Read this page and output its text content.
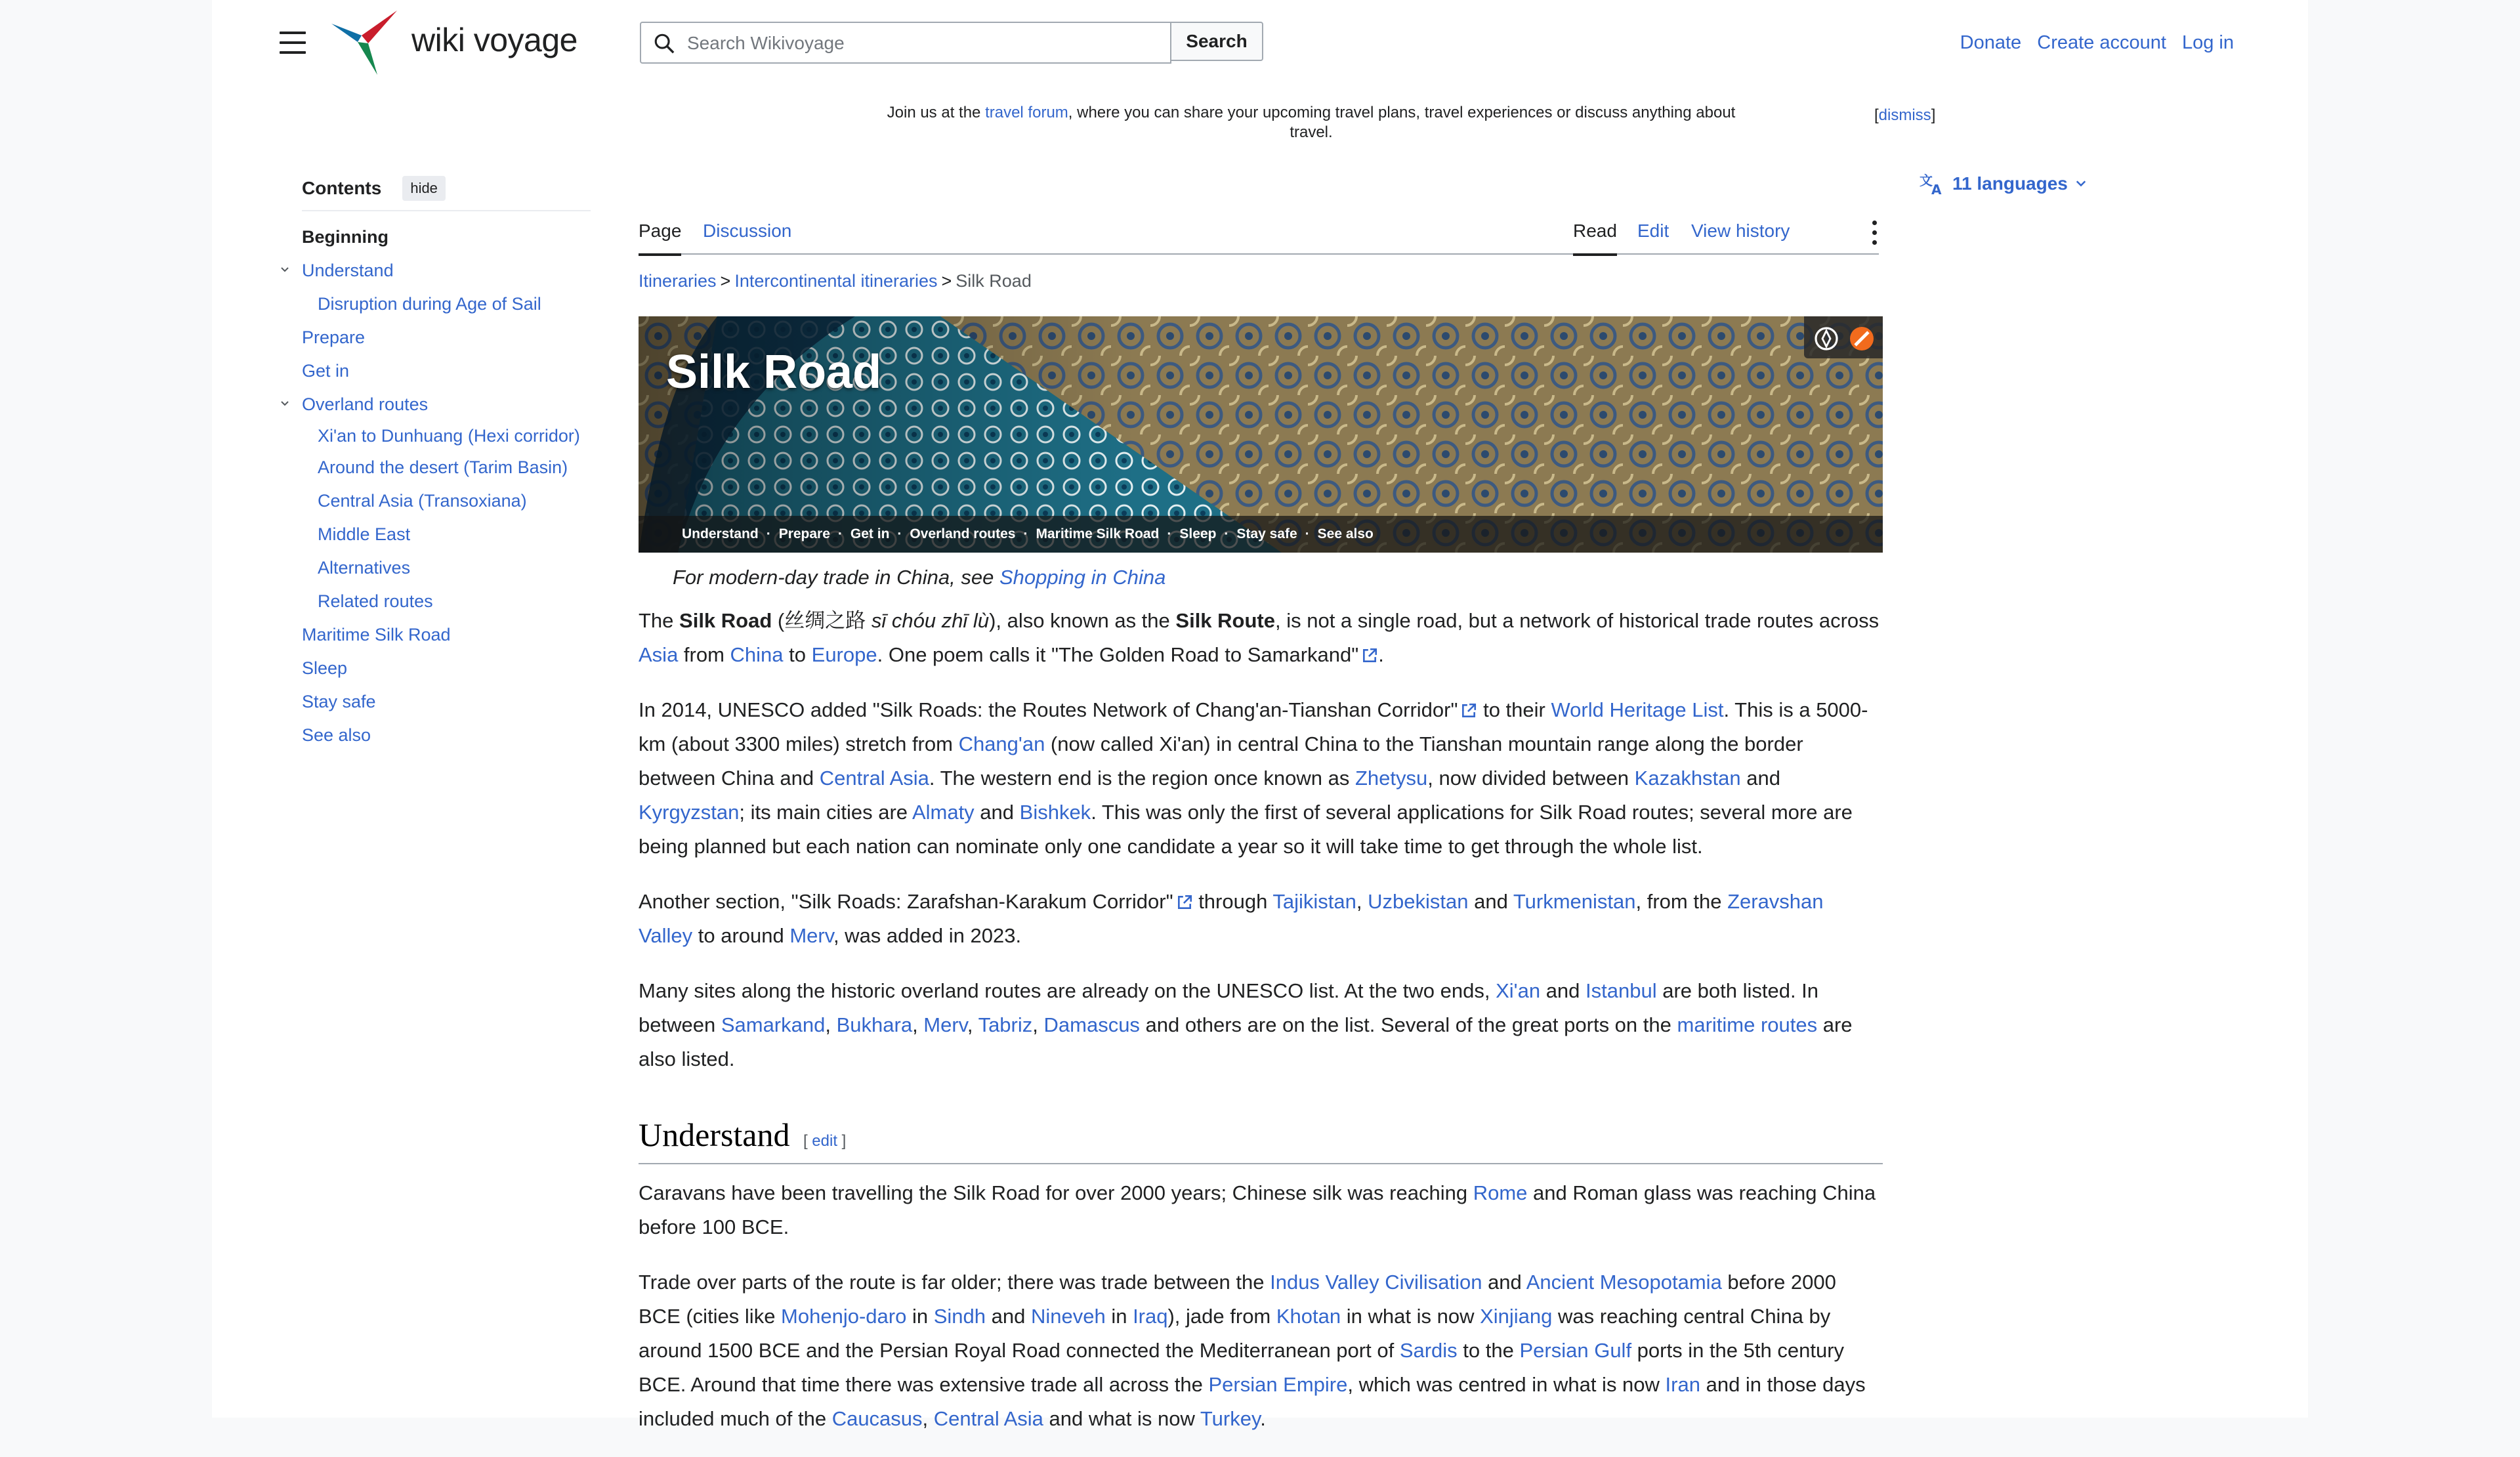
wiki voyage
Search Wikivoyage	Search	Donate Create account Log in
Join us at the travel forum, where you can share your upcoming travel plans, travel experiences or discuss anything about travel.
[dismiss]
Contents	hide
Beginning
Understand
Disruption during Age of Sail
Prepare
Get in
Overland routes
Xi'an to Dunhuang (Hexi corridor)
Around the desert (Tarim Basin)
Central Asia (Transoxiana)
Middle East
Alternatives
Related routes
Maritime Silk Road
Sleep
Stay safe
See also
文
A 11 languages
Page Discussion	Read Edit View history
Itineraries > Intercontinental itineraries > Silk Road
Silk Road
Understand · Prepare · Get in · Overland routes · Maritime Silk Road · Sleep · Stay safe · See also
For modern-day trade in China, see Shopping in China

The Silk Road (丝绸之路 sī chóu zhī lù), also known as the Silk Route, is not a single road, but a network of historical trade routes across Asia from China to Europe. One poem calls it "The Golden Road to Samarkand" .

In 2014, UNESCO added "Silk Roads: the Routes Network of Chang'an-Tianshan Corridor" to their World Heritage List. This is a 5000-km (about 3300 miles) stretch from Chang'an (now called Xi'an) in central China to the Tianshan mountain range along the border between China and Central Asia. The western end is the region once known as Zhetysu, now divided between Kazakhstan and Kyrgyzstan; its main cities are Almaty and Bishkek. This was only the first of several applications for Silk Road routes; several more are being planned but each nation can nominate only one candidate a year so it will take time to get through the whole list.

Another section, "Silk Roads: Zarafshan-Karakum Corridor" through Tajikistan, Uzbekistan and Turkmenistan, from the Zeravshan Valley to around Merv, was added in 2023.

Many sites along the historic overland routes are already on the UNESCO list. At the two ends, Xi'an and Istanbul are both listed. In between Samarkand, Bukhara, Merv, Tabriz, Damascus and others are on the list. Several of the great ports on the maritime routes are also listed.

Understand [ edit ]

Caravans have been travelling the Silk Road for over 2000 years; Chinese silk was reaching Rome and Roman glass was reaching China before 100 BCE.

Trade over parts of the route is far older; there was trade between the Indus Valley Civilisation and Ancient Mesopotamia before 2000 BCE (cities like Mohenjo-daro in Sindh and Nineveh in Iraq), jade from Khotan in what is now Xinjiang was reaching central China by around 1500 BCE and the Persian Royal Road connected the Mediterranean port of Sardis to the Persian Gulf ports in the 5th century BCE. Around that time there was extensive trade all across the Persian Empire, which was centred in what is now Iran and in those days included much of the Caucasus, Central Asia and what is now Turkey.
